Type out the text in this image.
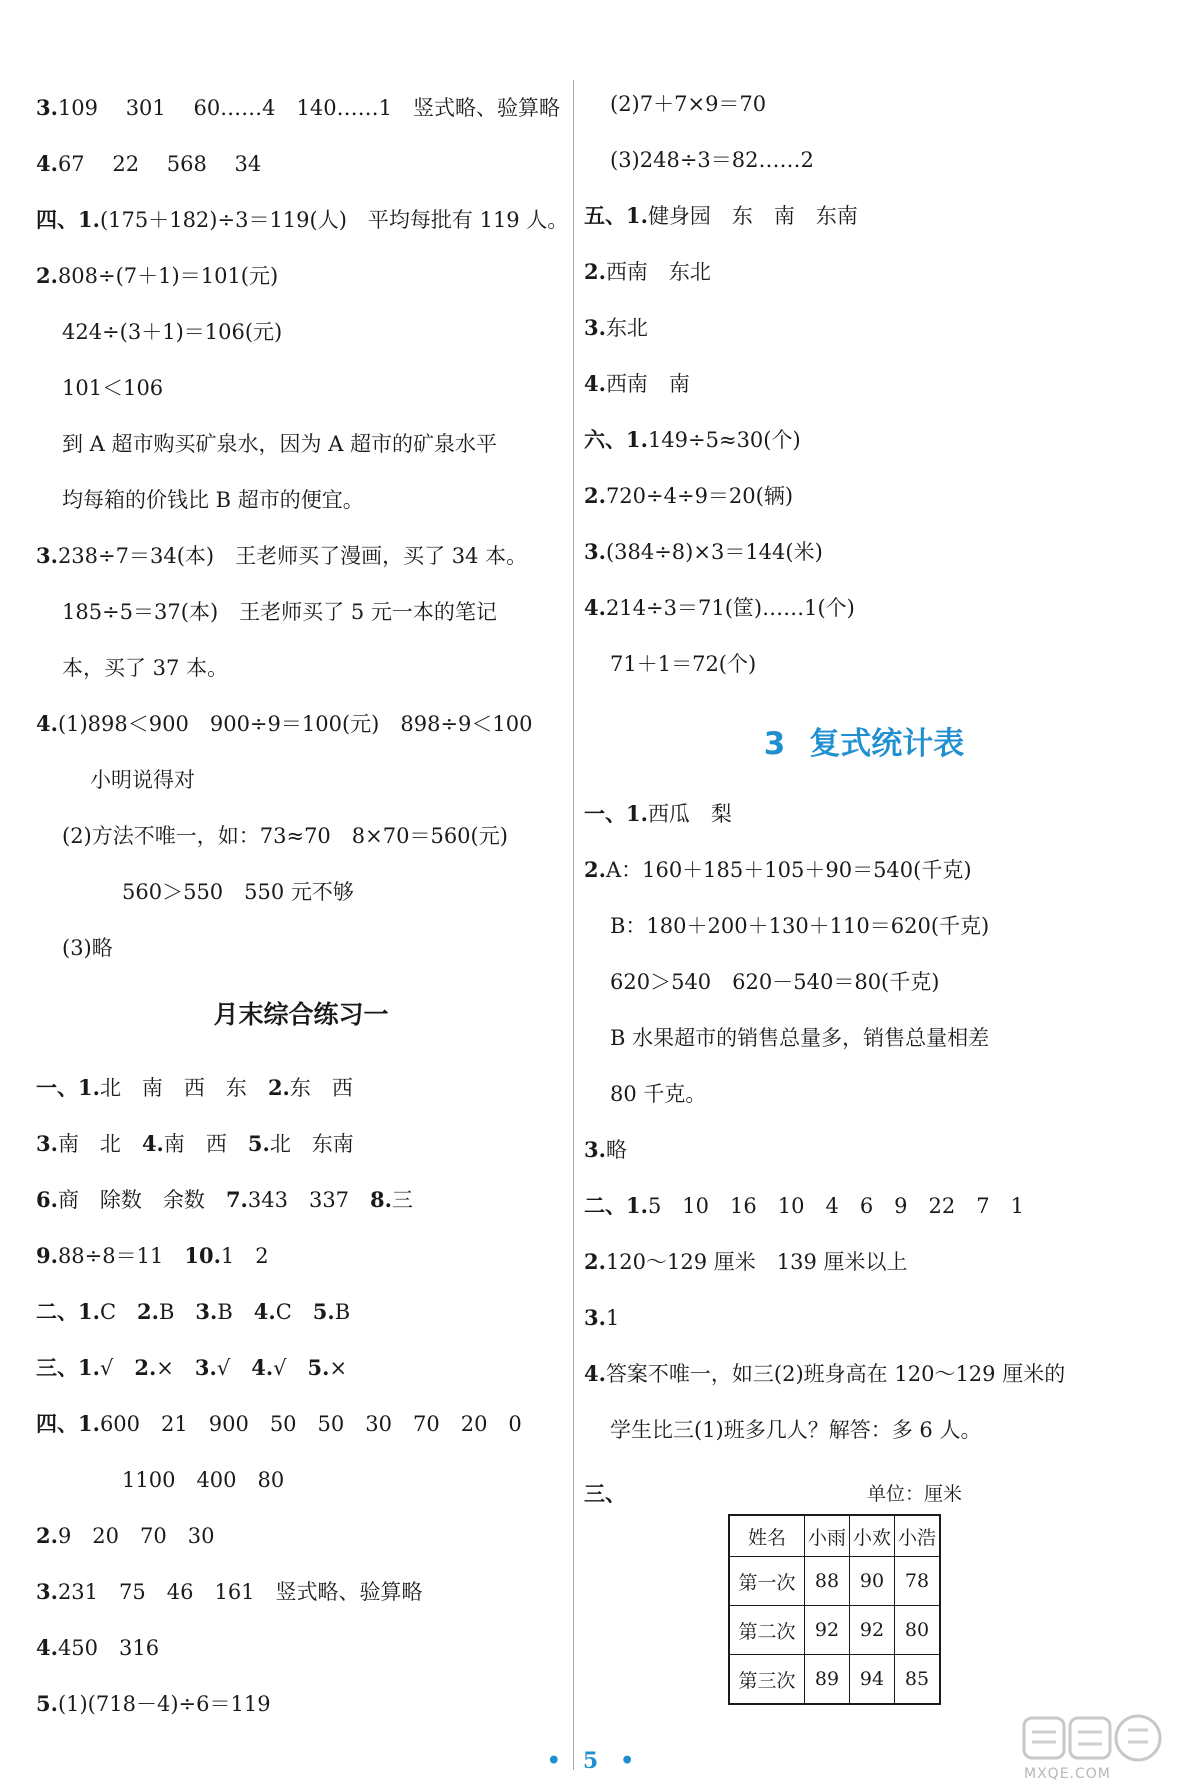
3.109　 301　 60……4　140……1　竖式略、验算略
4.67　 22　 568　 34
四、1.(175＋182)÷3＝119(人)　平均每批有 119 人。
2.808÷(7＋1)＝101(元)
424÷(3＋1)＝106(元)
101＜106
到 A 超市购买矿泉水，因为 A 超市的矿泉水平
均每箱的价钱比 B 超市的便宜。
3.238÷7＝34(本)　王老师买了漫画，买了 34 本。
185÷5＝37(本)　王老师买了 5 元一本的笔记
本，买了 37 本。
4.(1)898＜900　900÷9＝100(元)　898÷9＜100
小明说得对
(2)方法不唯一，如：73≈70　8×70＝560(元)
560＞550　550 元不够
(3)略
一、1.北　南　西　东　2.东　西
3.南　北　4.南　西　5.北　东南
6.商　除数　余数　7.343　337　8.三
9.88÷8＝11　10.1　2
二、1.C　2.B　3.B　4.C　5.B
三、1.√　2.×　3.√　4.√　5.×
四、1.600　21　900　50　50　30　70　20　0
1100　400　80
2.9　20　70　30
3.231　75　46　161　竖式略、验算略
4.450　316
5.(1)(718－4)÷6＝119
月末综合练习一
(2)7＋7×9＝70
(3)248÷3＝82……2
五、1.健身园　东　南　东南
2.西南　东北
3.东北
4.西南　南
六、1.149÷5≈30(个)
2.720÷4÷9＝20(辆)
3.(384÷8)×3＝144(米)
4.214÷3＝71(筐)……1(个)
71＋1＝72(个)
一、1.西瓜　梨
2.A：160＋185＋105＋90＝540(千克)
B：180＋200＋130＋110＝620(千克)
620＞540　620－540＝80(千克)
B 水果超市的销售总量多，销售总量相差
80 千克。
3.略
二、1.5　10　16　10　4　6　9　22　7　1
2.120～129 厘米　139 厘米以上
3.1
4.答案不唯一，如三(2)班身高在 120～129 厘米的
学生比三(1)班多几人？解答：多 6 人。
三、
3 复式统计表
单位：厘米
姓名	小雨	小欢	小浩
第一次	88	90	78
第二次	92	92	80
第三次	89	94	85
• 5 •	MXQE.COM
